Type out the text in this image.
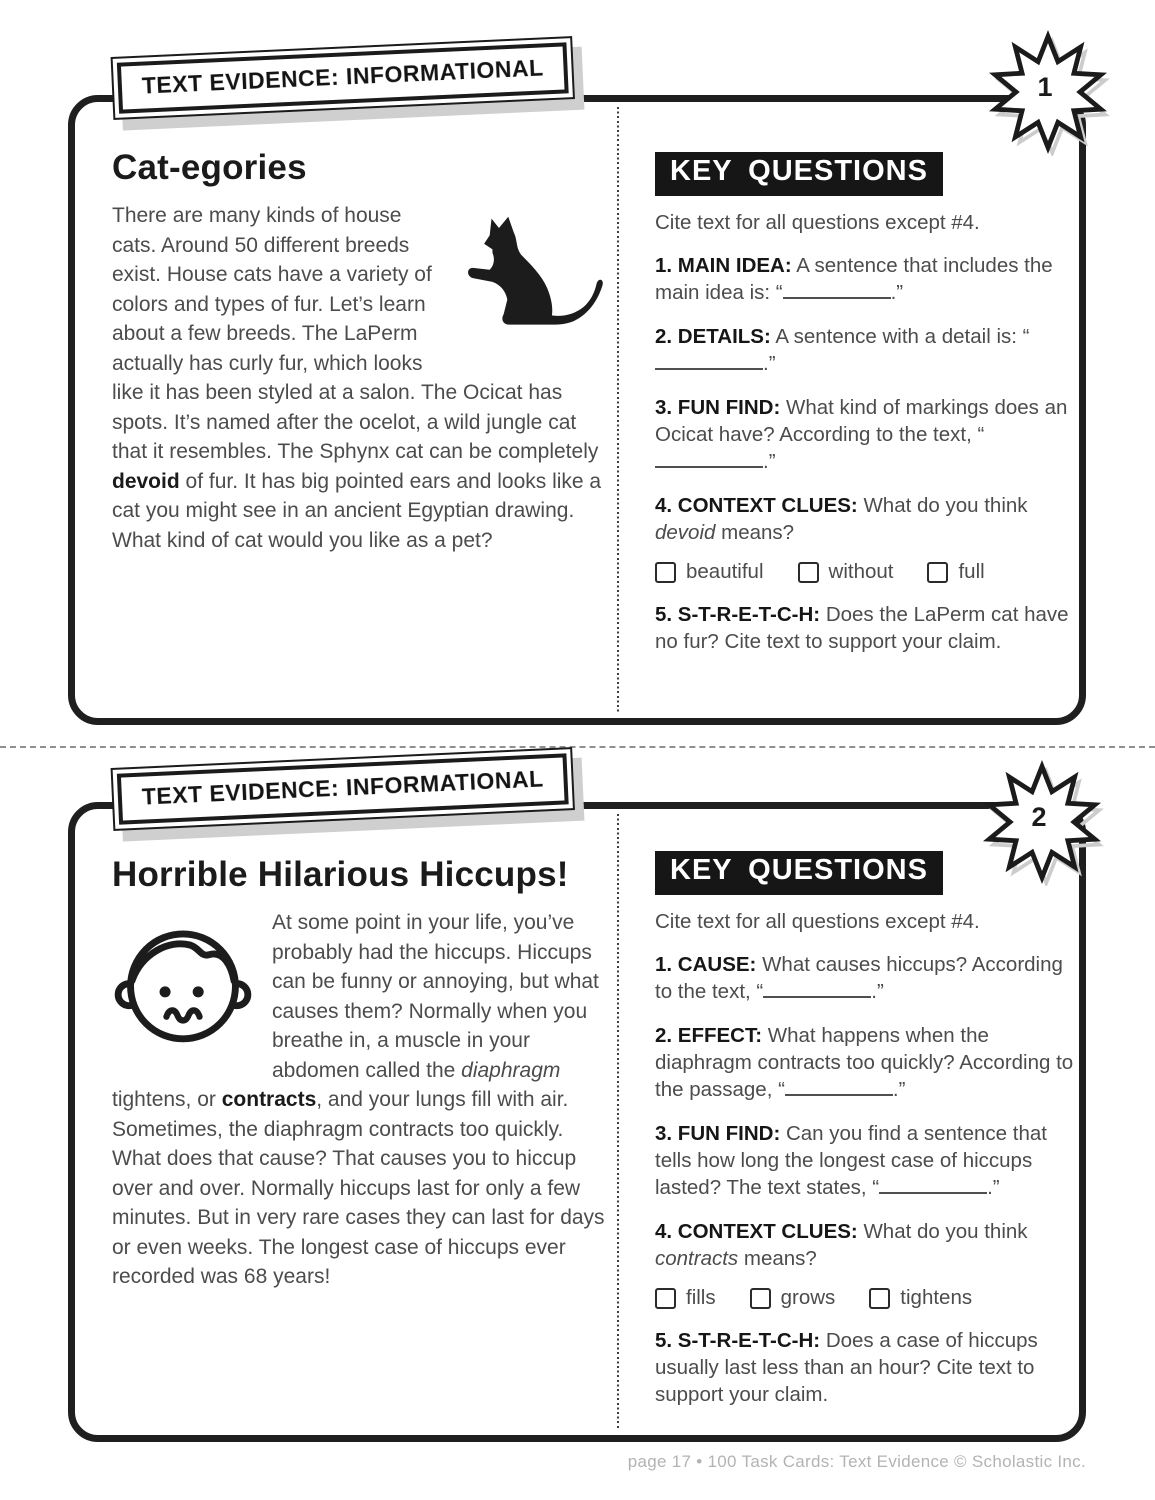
Cat-egories
There are many kinds of house cats. Around 50 different breeds exist. House cats have a variety of colors and types of fur. Let’s learn about a few breeds. The LaPerm actually has curly fur, which looks like it has been styled at a salon. The Ocicat has spots. It’s named after the ocelot, a wild jungle cat that it resembles. The Sphynx cat can be completely devoid of fur. It has big pointed ears and looks like a cat you might see in an ancient Egyptian drawing. What kind of cat would you like as a pet?
KEY QUESTIONS
Cite text for all questions except #4.

1. MAIN IDEA: A sentence that includes the main idea is: “	.”

2. DETAILS: A sentence with a detail is: “.”

3. FUN FIND: What kind of markings does an Ocicat have? According to the text, “.”

4. CONTEXT CLUES: What do you think devoid means?

beautiful	without	full

5. S-T-R-E-T-C-H: Does the LaPerm cat have no fur? Cite text to support your claim.

Horrible Hilarious Hiccups!
At some point in your life, you’ve probably had the hiccups. Hiccups can be funny or annoying, but what causes them? Normally when you breathe in, a muscle in your abdomen called the diaphragm tightens, or contracts, and your lungs fill with air. Sometimes, the diaphragm contracts too quickly. What does that cause? That causes you to hiccup over and over. Normally hiccups last for only a few minutes. But in very rare cases they can last for days or even weeks. The longest case of hiccups ever recorded was 68 years!
KEY QUESTIONS
Cite text for all questions except #4.

1. CAUSE: What causes hiccups? According to the text, “	.”

2. EFFECT: What happens when the diaphragm contracts too quickly? According to the passage, “	.”

3. FUN FIND: Can you find a sentence that tells how long the longest case of hiccups lasted? The text states, “	.”

4. CONTEXT CLUES: What do you think contracts means?

fills	grows	tightens

5. S-T-R-E-T-C-H: Does a case of hiccups usually last less than an hour? Cite text to support your claim.

TEXT EVIDENCE: INFORMATIONAL
TEXT EVIDENCE: INFORMATIONAL
1
2
page 17 • 100 Task Cards: Text Evidence © Scholastic Inc.
